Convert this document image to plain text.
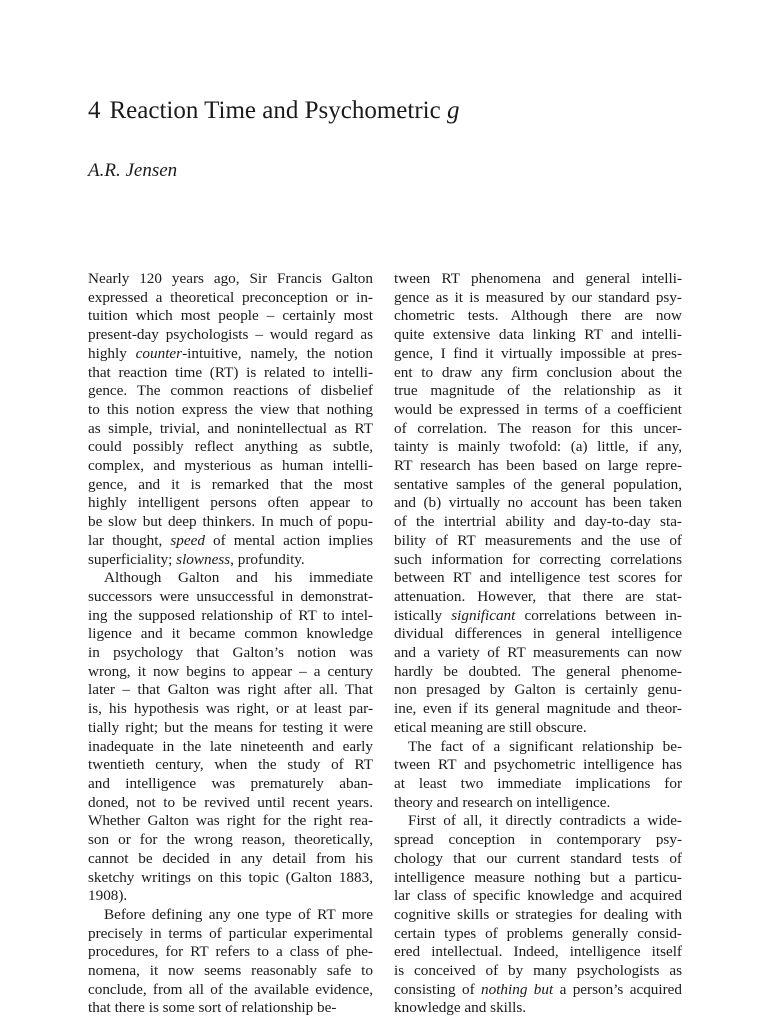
4 Reaction Time and Psychometric g

A.R. Jensen

Nearly 120 years ago, Sir Francis Galton
expressed a theoretical preconception or in-
tuition which most people – certainly most
present-day psychologists – would regard as
highly counter-intuitive, namely, the notion
that reaction time (RT) is related to intelli-
gence. The common reactions of disbelief
to this notion express the view that nothing
as simple, trivial, and nonintellectual as RT
could possibly reflect anything as subtle,
complex, and mysterious as human intelli-
gence, and it is remarked that the most
highly intelligent persons often appear to
be slow but deep thinkers. In much of popu-
lar thought, speed of mental action implies
superficiality; slowness, profundity.
Although Galton and his immediate
successors were unsuccessful in demonstrat-
ing the supposed relationship of RT to intel-
ligence and it became common knowledge
in psychology that Galton’s notion was
wrong, it now begins to appear – a century
later – that Galton was right after all. That
is, his hypothesis was right, or at least par-
tially right; but the means for testing it were
inadequate in the late nineteenth and early
twentieth century, when the study of RT
and intelligence was prematurely aban-
doned, not to be revived until recent years.
Whether Galton was right for the right rea-
son or for the wrong reason, theoretically,
cannot be decided in any detail from his
sketchy writings on this topic (Galton 1883,
1908).
Before defining any one type of RT more
precisely in terms of particular experimental
procedures, for RT refers to a class of phe-
nomena, it now seems reasonably safe to
conclude, from all of the available evidence,
that there is some sort of relationship be-
tween RT phenomena and general intelli-
gence as it is measured by our standard psy-
chometric tests. Although there are now
quite extensive data linking RT and intelli-
gence, I find it virtually impossible at pres-
ent to draw any firm conclusion about the
true magnitude of the relationship as it
would be expressed in terms of a coefficient
of correlation. The reason for this uncer-
tainty is mainly twofold: (a) little, if any,
RT research has been based on large repre-
sentative samples of the general population,
and (b) virtually no account has been taken
of the intertrial ability and day-to-day sta-
bility of RT measurements and the use of
such information for correcting correlations
between RT and intelligence test scores for
attenuation. However, that there are stat-
istically significant correlations between in-
dividual differences in general intelligence
and a variety of RT measurements can now
hardly be doubted. The general phenome-
non presaged by Galton is certainly genu-
ine, even if its general magnitude and theor-
etical meaning are still obscure.
The fact of a significant relationship be-
tween RT and psychometric intelligence has
at least two immediate implications for
theory and research on intelligence.
First of all, it directly contradicts a wide-
spread conception in contemporary psy-
chology that our current standard tests of
intelligence measure nothing but a particu-
lar class of specific knowledge and acquired
cognitive skills or strategies for dealing with
certain types of problems generally consid-
ered intellectual. Indeed, intelligence itself
is conceived of by many psychologists as
consisting of nothing but a person’s acquired
knowledge and skills.
